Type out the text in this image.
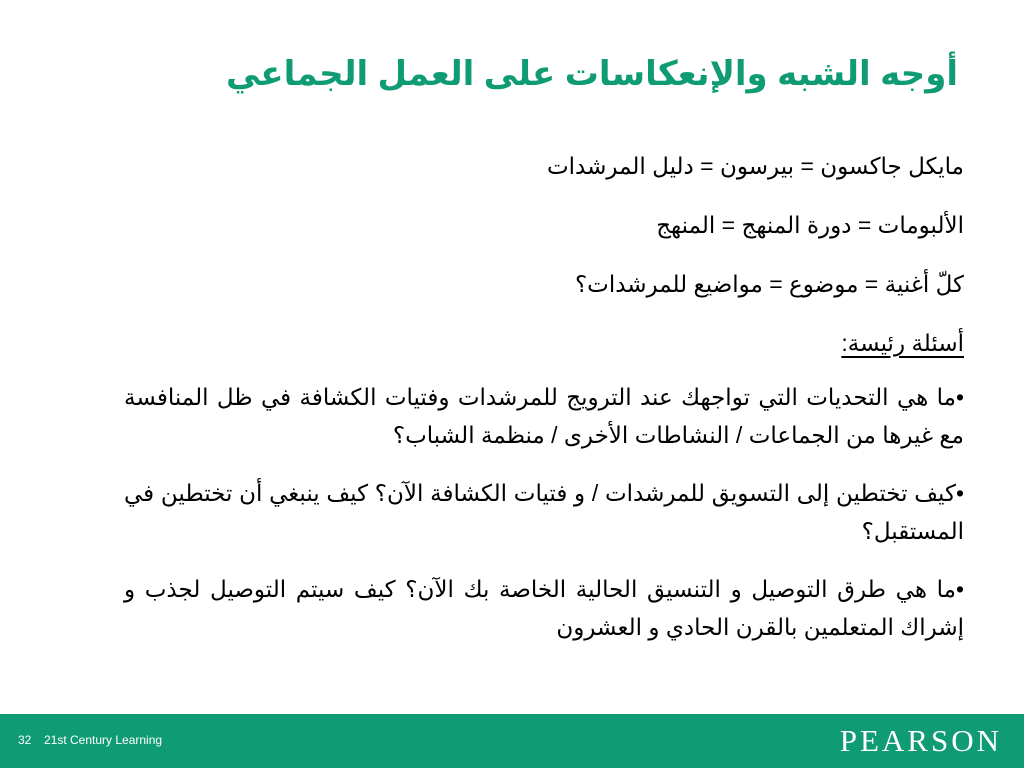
أوجه الشبه والإنعكاسات على العمل الجماعي
مايكل جاكسون = بيرسون = دليل المرشدات
الألبومات = دورة المنهج = المنهج
كلّ أغنية = موضوع = مواضيع للمرشدات؟
أسئلة رئيسة:
•ما هي التحديات التي تواجهك عند الترويج للمرشدات وفتيات الكشافة في ظل المنافسة مع غيرها من الجماعات / النشاطات الأخرى / منظمة الشباب؟
•كيف تختطين إلى التسويق للمرشدات / و فتيات الكشافة الآن؟ كيف ينبغي أن تختطين في المستقبل؟
•ما هي طرق التوصيل و التنسيق الحالية الخاصة بك الآن؟ كيف سيتم التوصيل لجذب و إشراك المتعلمين بالقرن الحادي و العشرون
32 21st Century Learning	PEARSON
